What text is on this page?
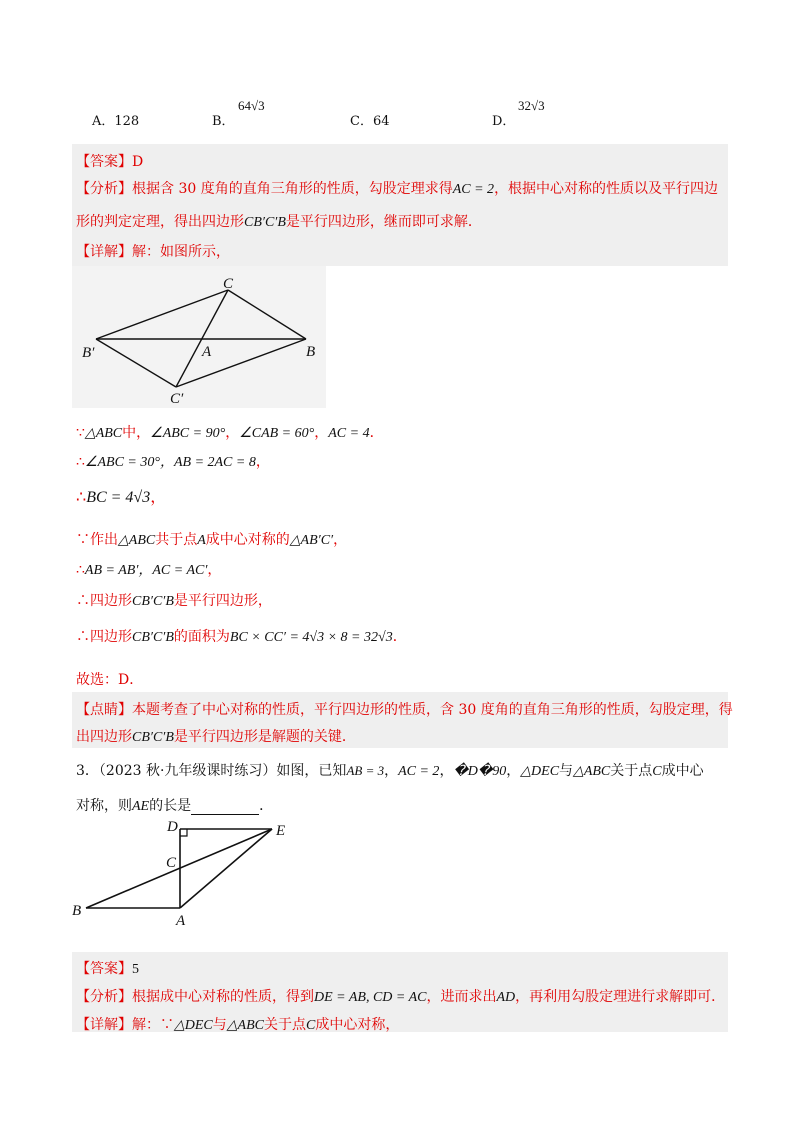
A．128	B．
64√3
C．64	D．
32√3
【答案】D
【分析】根据含 30 度角的直角三角形的性质，勾股定理求得AC = 2，根据中心对称的性质以及平行四边
形的判定定理，得出四边形CB′C′B是平行四边形，继而即可求解．
【详解】解：如图所示，
C
B′	A	B
C′
∵△ABC中，∠ABC = 90°，∠CAB = 60°，AC = 4．
∴∠ABC = 30°，AB = 2AC = 8，
∴BC = 4√3，
∵作出△ABC共于点A成中心对称的△AB′C′，
∴AB = AB′，AC = AC′，
∴四边形CB′C′B是平行四边形，
∴四边形CB′C′B的面积为BC × CC′ = 4√3 × 8 = 32√3．
故选：D．
【点睛】本题考查了中心对称的性质，平行四边形的性质，含 30 度角的直角三角形的性质，勾股定理，得
出四边形CB′C′B是平行四边形是解题的关键．
3．（2023 秋·九年级课时练习）如图，已知AB = 3，AC = 2，�D�90，△DEC与△ABC关于点C成中心
对称，则AE的长是	．
D	E
C
B
A
【答案】5
【分析】根据成中心对称的性质，得到DE = AB, CD = AC，进而求出AD，再利用勾股定理进行求解即可．
【详解】解：∵△DEC与△ABC关于点C成中心对称，
